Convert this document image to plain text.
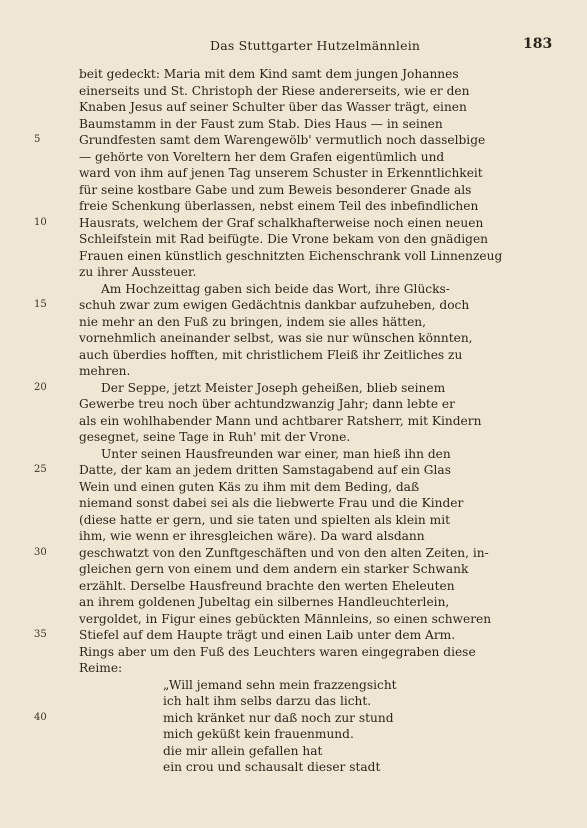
Das Stuttgarter Hutzelmännlein	183
beit gedeckt: Maria mit dem Kind samt dem jungen Johannes
einerseits und St. Christoph der Riese andererseits, wie er den
Knaben Jesus auf seiner Schulter über das Wasser trägt, einen
Baumstamm in der Faust zum Stab. Dies Haus — in seinen
Grundfesten samt dem Warengewölb' vermutlich noch dasselbige
— gehörte von Voreltern her dem Grafen eigentümlich und
ward von ihm auf jenen Tag unserem Schuster in Erkenntlichkeit
für seine kostbare Gabe und zum Beweis besonderer Gnade als
freie Schenkung überlassen, nebst einem Teil des inbefindlichen
Hausrats, welchem der Graf schalkhafterweise noch einen neuen
Schleifstein mit Rad beifügte. Die Vrone bekam von den gnädigen
Frauen einen künstlich geschnitzten Eichenschrank voll Linnenzeug
zu ihrer Aussteuer.
Am Hochzeittag gaben sich beide das Wort, ihre Glücks-
schuh zwar zum ewigen Gedächtnis dankbar aufzuheben, doch
nie mehr an den Fuß zu bringen, indem sie alles hätten,
vornehmlich aneinander selbst, was sie nur wünschen könnten,
auch überdies hofften, mit christlichem Fleiß ihr Zeitliches zu
mehren.
Der Seppe, jetzt Meister Joseph geheißen, blieb seinem
Gewerbe treu noch über achtundzwanzig Jahr; dann lebte er
als ein wohlhabender Mann und achtbarer Ratsherr, mit Kindern
gesegnet, seine Tage in Ruh' mit der Vrone.
Unter seinen Hausfreunden war einer, man hieß ihn den
Datte, der kam an jedem dritten Samstagabend auf ein Glas
Wein und einen guten Käs zu ihm mit dem Beding, daß
niemand sonst dabei sei als die liebwerte Frau und die Kinder
(diese hatte er gern, und sie taten und spielten als klein mit
ihm, wie wenn er ihresgleichen wäre). Da ward alsdann
geschwatzt von den Zunftgeschäften und von den alten Zeiten, in-
gleichen gern von einem und dem andern ein starker Schwank
erzählt. Derselbe Hausfreund brachte den werten Eheleuten
an ihrem goldenen Jubeltag ein silbernes Handleuchterlein,
vergoldet, in Figur eines gebückten Männleins, so einen schweren
Stiefel auf dem Haupte trägt und einen Laib unter dem Arm.
Rings aber um den Fuß des Leuchters waren eingegraben diese
Reime:
„Will jemand sehn mein frazzengsicht
ich halt ihm selbs darzu das licht.
mich kränket nur daß noch zur stund
mich geküßt kein frauenmund.
die mir allein gefallen hat
ein crou und schausalt dieser stadt
5
10
15
20
25
30
35
40
